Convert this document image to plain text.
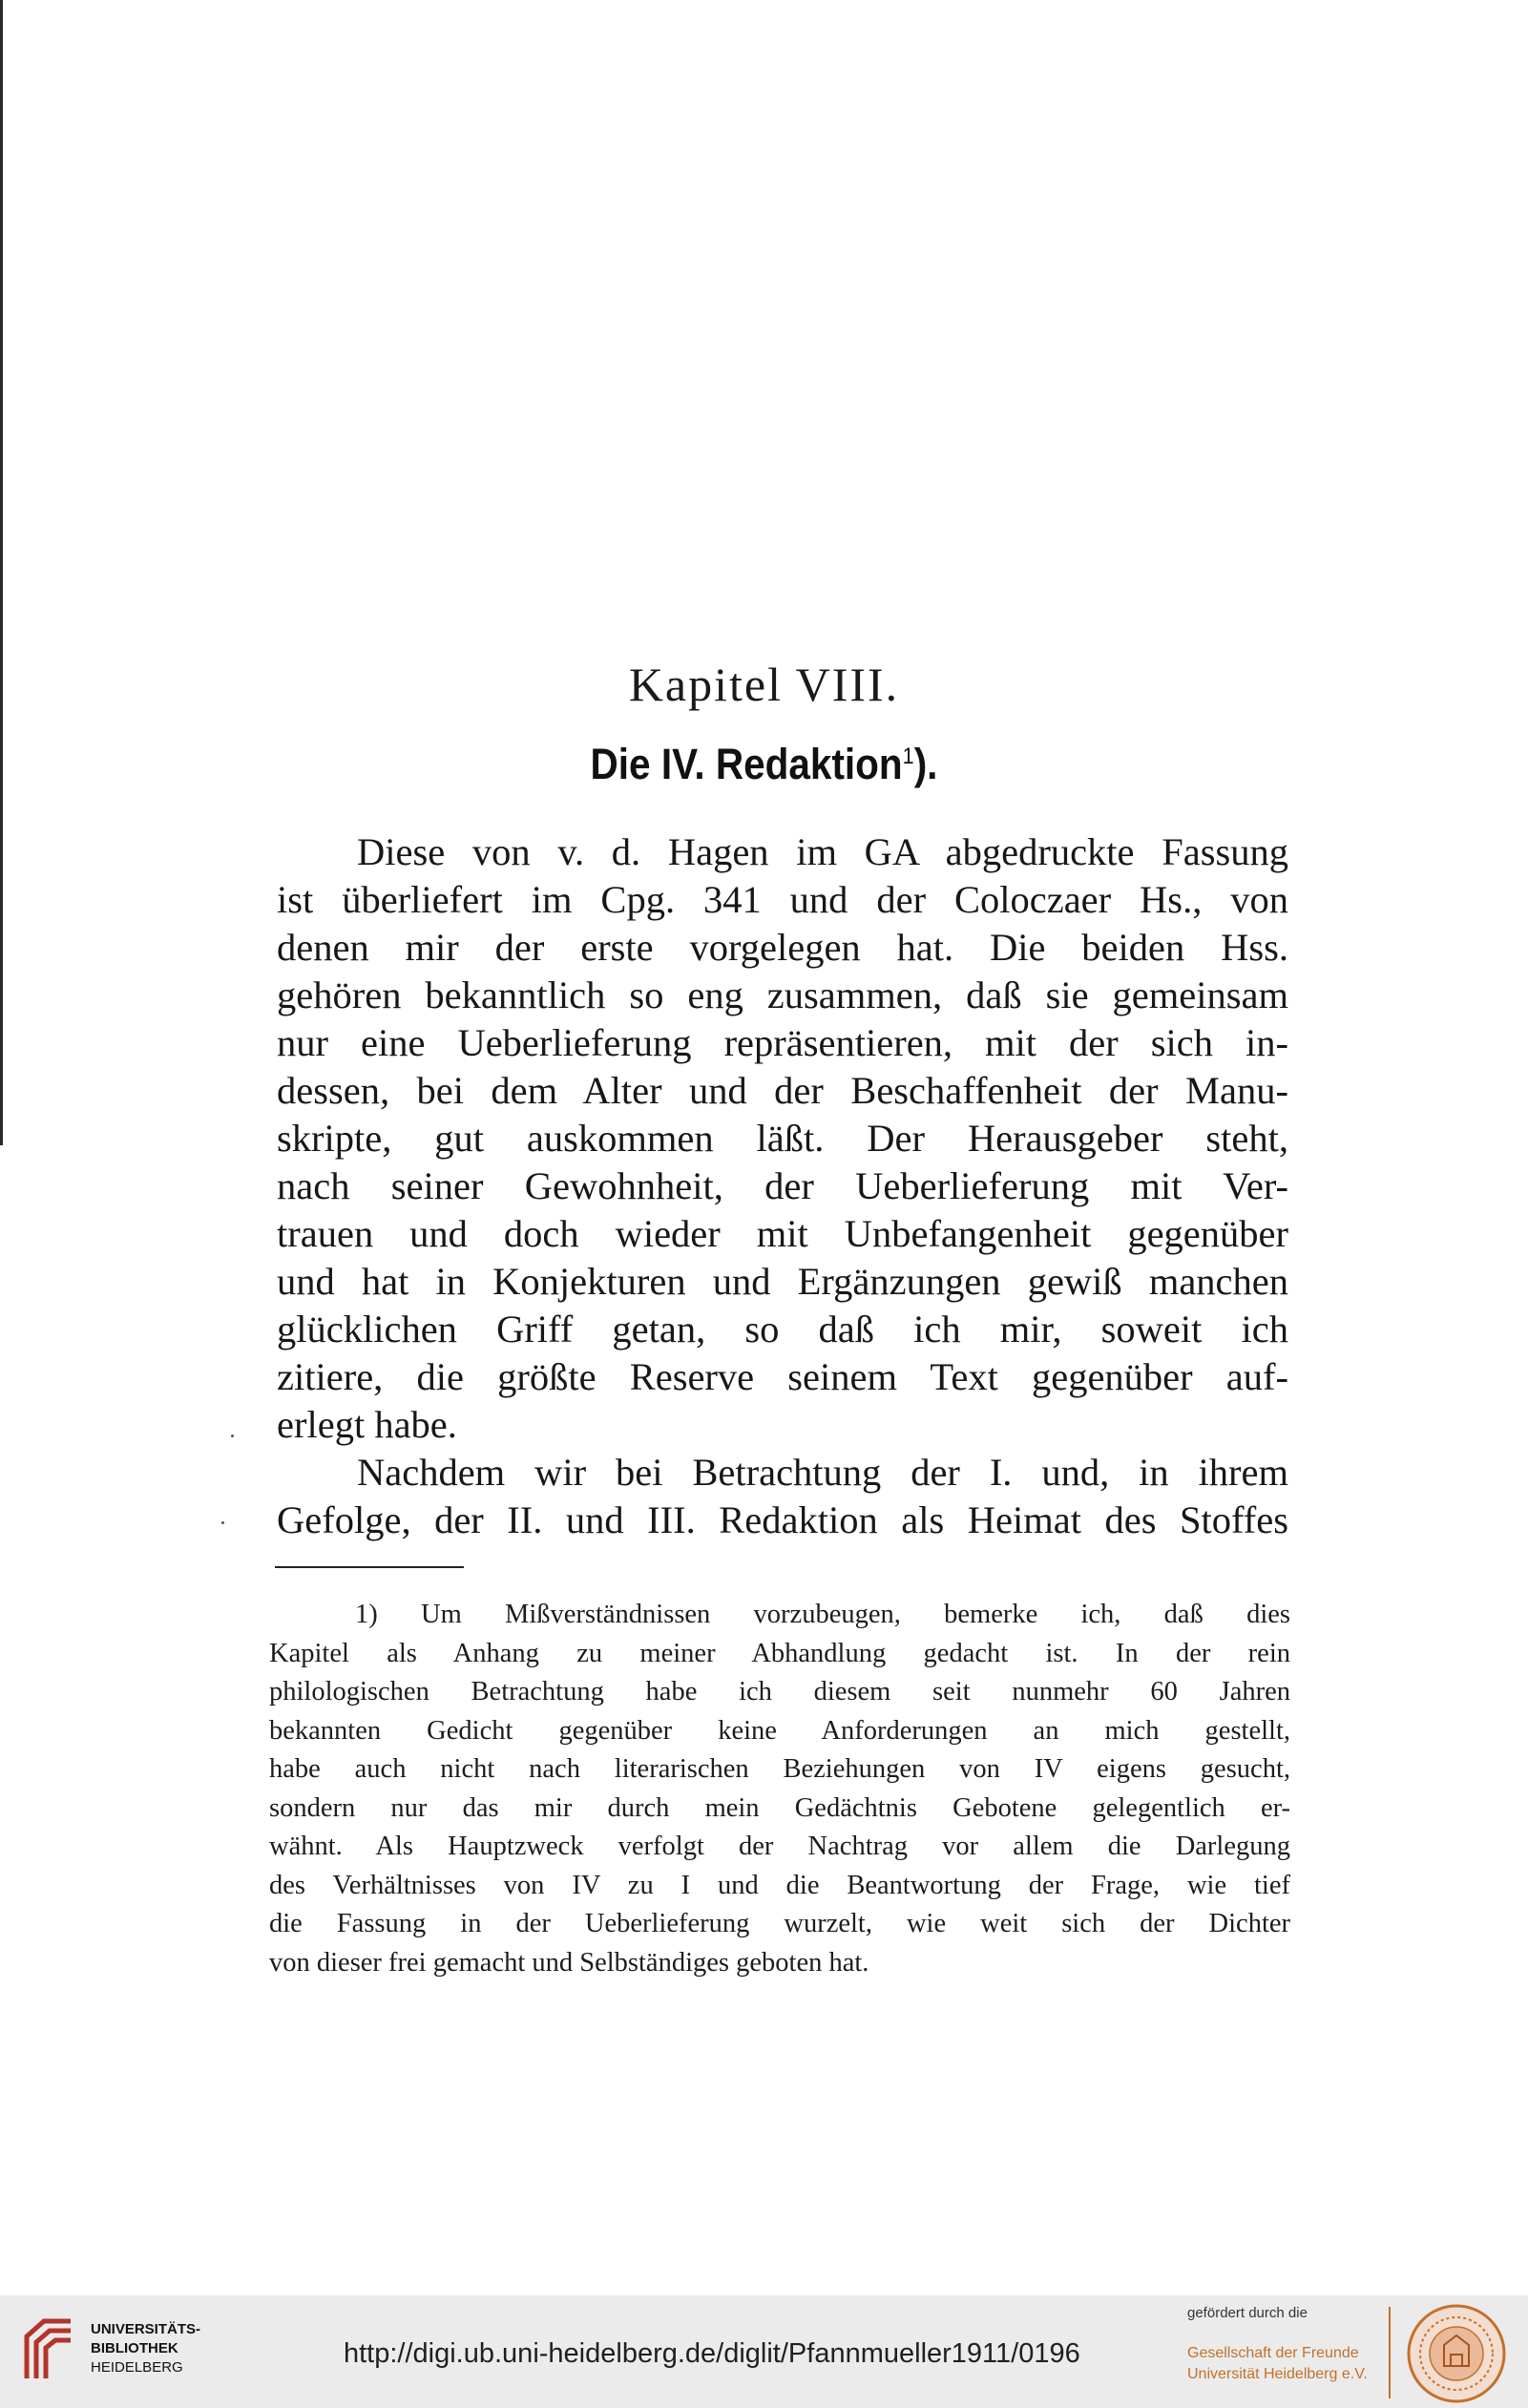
Kapitel VIII.
Die IV. Redaktion$^1$).
Diese von v. d. Hagen im GA abgedruckte Fassung
ist überliefert im Cpg. 341 und der Coloczaer Hs., von
denen mir der erste vorgelegen hat. Die beiden Hss.
gehören bekanntlich so eng zusammen, daß sie gemeinsam
nur eine Ueberlieferung repräsentieren, mit der sich in-
dessen, bei dem Alter und der Beschaffenheit der Manu-
skripte, gut auskommen läßt. Der Herausgeber steht,
nach seiner Gewohnheit, der Ueberlieferung mit Ver-
trauen und doch wieder mit Unbefangenheit gegenüber
und hat in Konjekturen und Ergänzungen gewiß manchen
glücklichen Griff getan, so daß ich mir, soweit ich
zitiere, die größte Reserve seinem Text gegenüber auf-
erlegt habe.
Nachdem wir bei Betrachtung der I. und, in ihrem
Gefolge, der II. und III. Redaktion als Heimat des Stoffes
1) Um Mißverständnissen vorzubeugen, bemerke ich, daß dies
Kapitel als Anhang zu meiner Abhandlung gedacht ist. In der rein
philologischen Betrachtung habe ich diesem seit nunmehr 60 Jahren
bekannten Gedicht gegenüber keine Anforderungen an mich gestellt,
habe auch nicht nach literarischen Beziehungen von IV eigens gesucht,
sondern nur das mir durch mein Gedächtnis Gebotene gelegentlich er-
wähnt. Als Hauptzweck verfolgt der Nachtrag vor allem die Darlegung
des Verhältnisses von IV zu I und die Beantwortung der Frage, wie tief
die Fassung in der Ueberlieferung wurzelt, wie weit sich der Dichter
von dieser frei gemacht und Selbständiges geboten hat.
UNIVERSITÄTS-
BIBLIOTHEK
HEIDELBERG	http://digi.ub.uni-heidelberg.de/diglit/Pfannmueller1911/0196
gefördert durch die
Gesellschaft der Freunde
Universität Heidelberg e.V.
